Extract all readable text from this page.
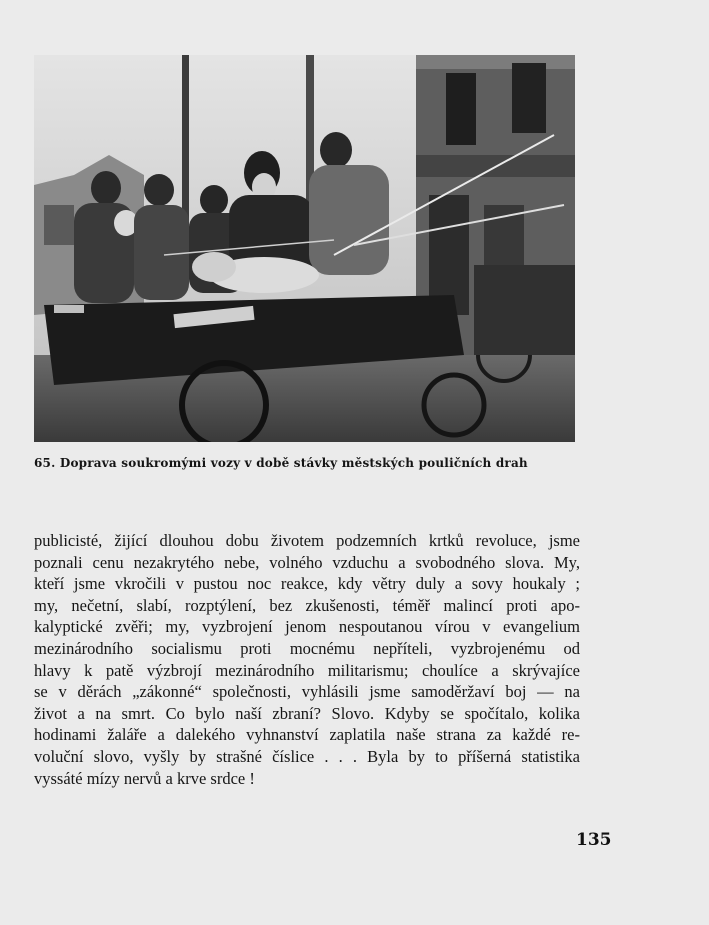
65. Doprava soukromými vozy v době stávky městských pouličních drah
publicisté, žijící dlouhou dobu životem podzemních krtků revoluce, jsme
poznali cenu nezakrytého nebe, volného vzduchu a svobodného slova. My,
kteří jsme vkročili v pustou noc reakce, kdy větry duly a sovy houkaly ;
my, nečetní, slabí, rozptýlení, bez zkušenosti, téměř malincí proti apo-
kalyptické zvěři; my, vyzbrojení jenom nespoutanou vírou v evangelium
mezinárodního socialismu proti mocnému nepříteli, vyzbrojenému od
hlavy k patě výzbrojí mezinárodního militarismu; choulíce a skrývajíce
se v děrách „zákonné“ společnosti, vyhlásili jsme samoděržaví boj — na
život a na smrt. Co bylo naší zbraní? Slovo. Kdyby se spočítalo, kolika
hodinami žaláře a dalekého vyhnanství zaplatila naše strana za každé re-
voluční slovo, vyšly by strašné číslice . . . Byla by to příšerná statistika
vyssáté mízy nervů a krve srdce !
135
